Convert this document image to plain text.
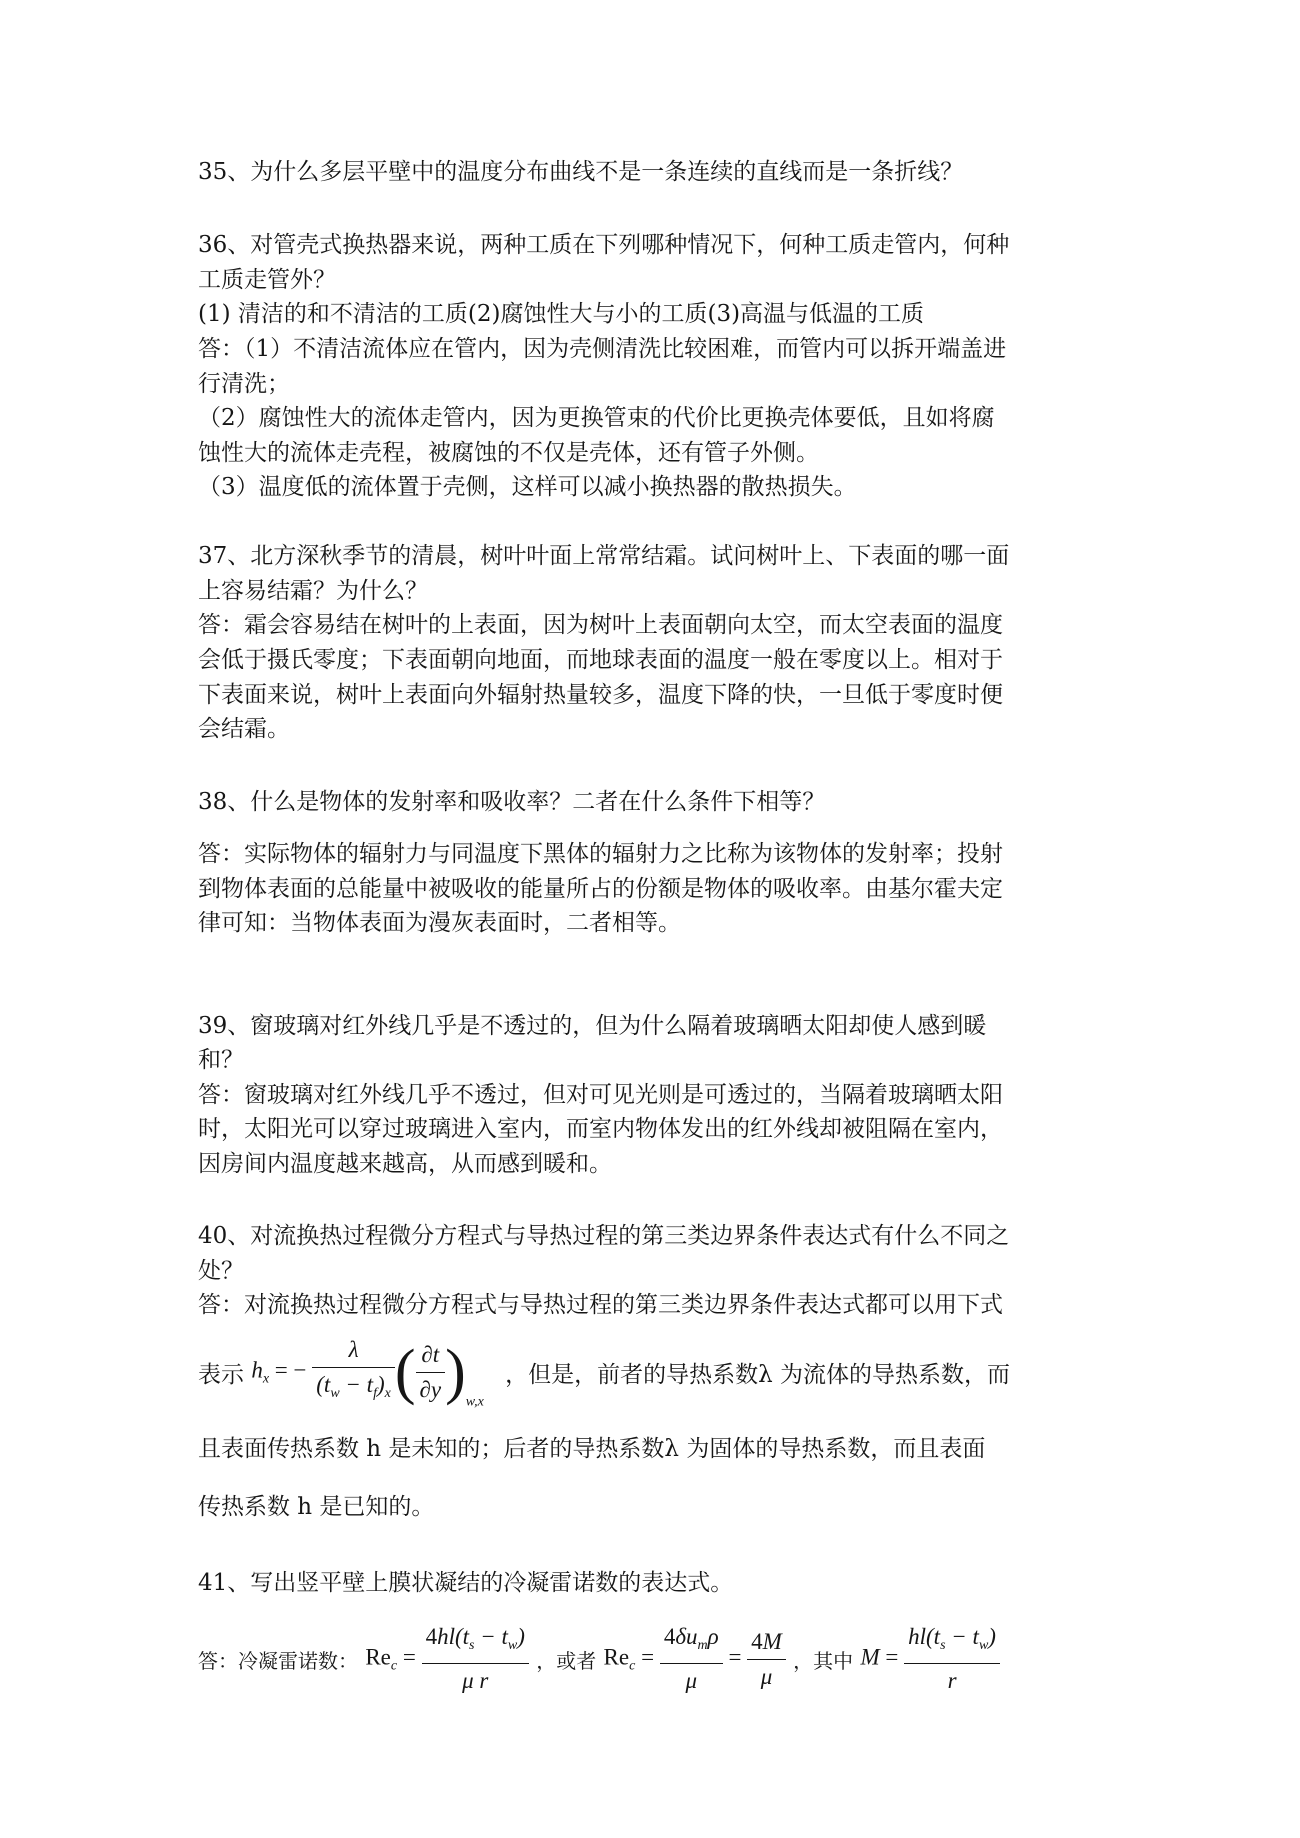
35、为什么多层平壁中的温度分布曲线不是一条连续的直线而是一条折线？
36、对管壳式换热器来说，两种工质在下列哪种情况下，何种工质走管内，何种
工质走管外？
(1) 清洁的和不清洁的工质(2)腐蚀性大与小的工质(3)高温与低温的工质
答：（1）不清洁流体应在管内，因为壳侧清洗比较困难，而管内可以拆开端盖进
行清洗；
（2）腐蚀性大的流体走管内，因为更换管束的代价比更换壳体要低，且如将腐
蚀性大的流体走壳程，被腐蚀的不仅是壳体，还有管子外侧。
（3）温度低的流体置于壳侧，这样可以减小换热器的散热损失。
37、北方深秋季节的清晨，树叶叶面上常常结霜。试问树叶上、下表面的哪一面
上容易结霜？为什么？
答：霜会容易结在树叶的上表面，因为树叶上表面朝向太空，而太空表面的温度
会低于摄氏零度；下表面朝向地面，而地球表面的温度一般在零度以上。相对于
下表面来说，树叶上表面向外辐射热量较多，温度下降的快，一旦低于零度时便
会结霜。
38、什么是物体的发射率和吸收率？二者在什么条件下相等？
答：实际物体的辐射力与同温度下黑体的辐射力之比称为该物体的发射率；投射
到物体表面的总能量中被吸收的能量所占的份额是物体的吸收率。由基尔霍夫定
律可知：当物体表面为漫灰表面时，二者相等。
39、窗玻璃对红外线几乎是不透过的，但为什么隔着玻璃晒太阳却使人感到暖
和？
答：窗玻璃对红外线几乎不透过，但对可见光则是可透过的，当隔着玻璃晒太阳
时，太阳光可以穿过玻璃进入室内，而室内物体发出的红外线却被阻隔在室内，
因房间内温度越来越高，从而感到暖和。
40、对流换热过程微分方程式与导热过程的第三类边界条件表达式有什么不同之
处？
答：对流换热过程微分方程式与导热过程的第三类边界条件表达式都可以用下式
表示 $h_x$ = − $\frac{\lambda}{(t_w - t_f)_x}$ ( $\frac{\partial t}{\partial y} )_{w,x}$ ，但是，前者的导热系数λ 为流体的导热系数，而
且表面传热系数 h 是未知的；后者的导热系数λ 为固体的导热系数，而且表面
传热系数 h 是已知的。
41、写出竖平壁上膜状凝结的冷凝雷诺数的表达式。
答：冷凝雷诺数： $Re_c = \frac{4hl(t_s - t_w)}{\text{μ r}}$ ，或者 $Re_c = \frac{4\delta u_m\rho}{\mu} = \frac{4M}{\mu}$ ，其中 $M = \frac{hl(t_s - t_w)}{r}$
